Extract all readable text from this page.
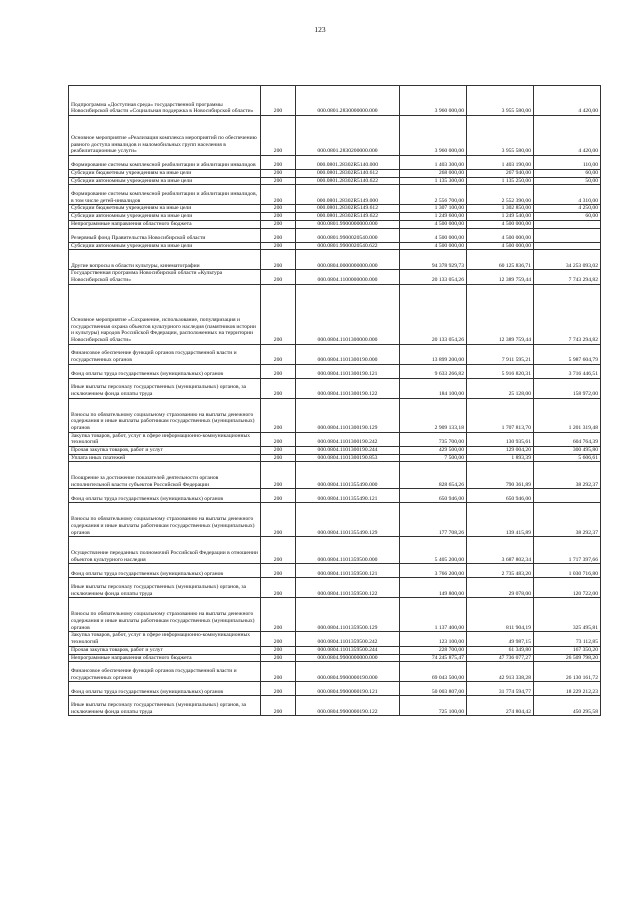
123
Подпрограмма «Доступная среда» государственной программы Новосибирской области «Социальная поддержка в Новосибирской области»	200	000.0801.2830000000.000	3 960 000,00	3 955 580,00	4 420,00
Основное мероприятие «Реализация комплекса мероприятий по обеспечению равного доступа инвалидов и маломобильных групп населения в реабилитационные услуги»	200	000.0801.2830200000.000	3 960 000,00	3 955 580,00	4 420,00
Формирование системы комплексной реабилитации и абилитации инвалидов	200	000.0801.28302R5140.000	1 403 300,00	1 403 190,00	110,00
Субсидии бюджетным учреждениям на иные цели	200	000.0801.28302R5140.612	268 000,00	267 940,00	60,00
Субсидии автономным учреждениям на иные цели	200	000.0801.28302R5140.622	1 135 300,00	1 135 250,00	50,00
Формирование системы комплексной реабилитации и абилитации инвалидов, в том числе детей-инвалидов	200	000.0801.28302R5149.000	2 556 700,00	2 552 390,00	4 310,00
Субсидии бюджетным учреждениям на иные цели	200	000.0801.28302R5149.612	1 307 100,00	1 302 850,00	4 250,00
Субсидии автономным учреждениям на иные цели	200	000.0801.28302R5149.622	1 249 600,00	1 249 540,00	60,00
Непрограммные направления областного бюджета	200	000.0801.9900000000.000	4 500 000,00	4 500 000,00	
Резервный фонд Правительства Новосибирской области	200	000.0801.9900020540.000	4 500 000,00	4 500 000,00	
Субсидии автономным учреждениям на иные цели	200	000.0801.9900020540.622	4 500 000,00	4 500 000,00	
Другие вопросы в области культуры, кинематографии	200	000.0804.0000000000.000	94 378 929,73	60 125 836,71	34 253 093,02
Государственная программа Новосибирской области «Культура Новосибирской области»	200	000.0804.1100000000.000	20 133 054,26	12 389 759,44	7 743 294,82
Основное мероприятие «Сохранение, использование, популяризация и государственная охрана объектов культурного наследия (памятников истории и культуры) народов Российской Федерации, расположенных на территории Новосибирской области»	200	000.0804.1101300000.000	20 133 054,26	12 389 759,44	7 743 294,82
Финансовое обеспечение функций органов государственной власти и государственных органов	200	000.0804.1101300190.000	13 899 200,00	7 911 595,21	5 987 604,79
Фонд оплаты труда государственных (муниципальных) органов	200	000.0804.1101300190.121	9 633 266,82	5 916 820,31	3 716 446,51
Иные выплаты персоналу государственных (муниципальных) органов, за исключением фонда оплаты труда	200	000.0804.1101300190.122	184 100,00	25 128,00	158 972,00
Взносы по обязательному социальному страхованию на выплаты денежного содержания и иные выплаты работникам государственных (муниципальных) органов	200	000.0804.1101300190.129	2 909 133,18	1 707 813,70	1 201 319,48
Закупка товаров, работ, услуг в сфере информационно-коммуникационных технологий	200	000.0804.1101300190.242	735 700,00	130 935,61	604 764,39
Прочая закупка товаров, работ и услуг	200	000.0804.1101300190.244	429 500,00	129 004,20	300 495,80
Уплата иных платежей	200	000.0804.1101300190.853	7 500,00	1 893,39	5 606,61
Поощрение за достижение показателей деятельности органов исполнительной власти субъектов Российской Федерации	200	000.0804.1101355490.000	828 654,26	790 361,89	38 292,37
Фонд оплаты труда государственных (муниципальных) органов	200	000.0804.1101355490.121	650 946,00	650 946,00	
Взносы по обязательному социальному страхованию на выплаты денежного содержания и иные выплаты работникам государственных (муниципальных) органов	200	000.0804.1101355490.129	177 708,26	139 415,89	38 292,37
Осуществление переданных полномочий Российской Федерации в отношении объектов культурного наследия	200	000.0804.1101359500.000	5 405 200,00	3 687 802,34	1 717 397,66
Фонд оплаты труда государственных (муниципальных) органов	200	000.0804.1101359500.121	3 766 200,00	2 735 483,20	1 030 716,80
Иные выплаты персоналу государственных (муниципальных) органов, за исключением фонда оплаты труда	200	000.0804.1101359500.122	149 800,00	29 078,00	120 722,00
Взносы по обязательному социальному страхованию на выплаты денежного содержания и иные выплаты работникам государственных (муниципальных) органов	200	000.0804.1101359500.129	1 137 400,00	811 904,19	325 495,81
Закупка товаров, работ, услуг в сфере информационно-коммуникационных технологий	200	000.0804.1101359500.242	123 100,00	49 987,15	73 112,85
Прочая закупка товаров, работ и услуг	200	000.0804.1101359500.244	228 700,00	61 349,80	167 350,20
Непрограммные направления областного бюджета	200	000.0804.9900000000.000	74 245 875,47	47 736 077,27	26 509 798,20
Финансовое обеспечение функций органов государственной власти и государственных органов	200	000.0804.9900000190.000	69 043 500,00	42 913 338,28	26 130 161,72
Фонд оплаты труда государственных (муниципальных) органов	200	000.0804.9900000190.121	50 003 807,00	31 774 594,77	18 229 212,23
Иные выплаты персоналу государственных (муниципальных) органов, за исключением фонда оплаты труда	200	000.0804.9900000190.122	725 100,00	274 804,42	450 295,58
